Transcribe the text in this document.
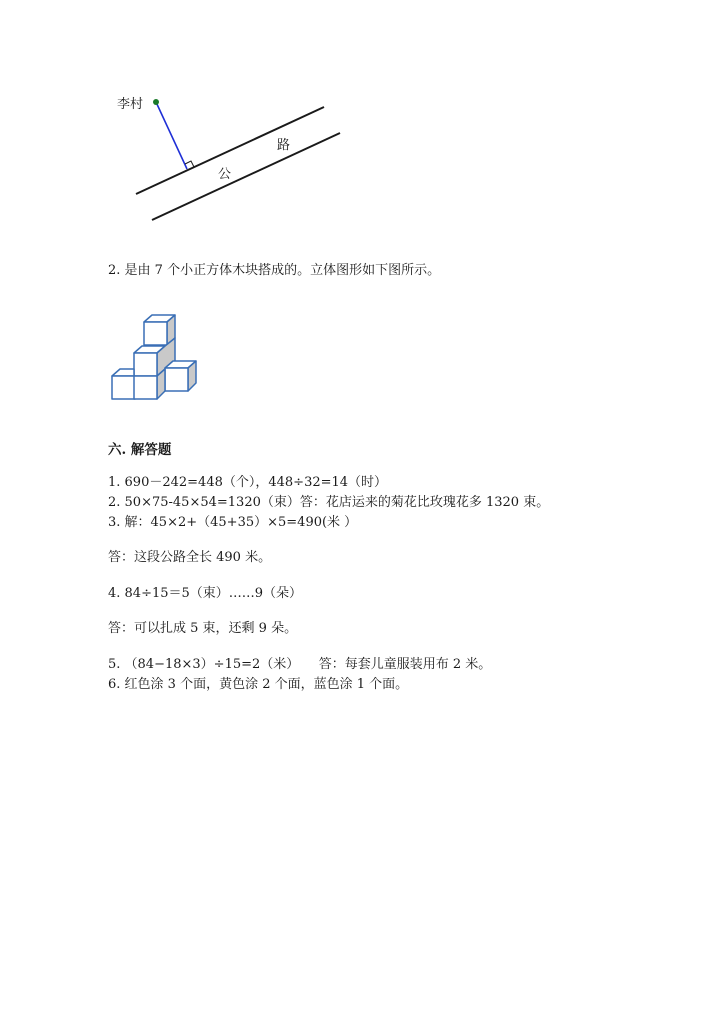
李村
公
路
2. 是由 7 个小正方体木块搭成的。立体图形如下图所示。
六. 解答题
1. 690－242=448（个），448÷32=14（时）
2. 50×75-45×54=1320（束）答：花店运来的菊花比玫瑰花多 1320 束。
3. 解：45×2+（45+35）×5=490(米 ）
答：这段公路全长 490 米。
4. 84÷15＝5（束）……9（朵）
答：可以扎成 5 束，还剩 9 朵。
5. （84−18×3）÷15=2（米）　　答：每套儿童服装用布 2 米。
6. 红色涂 3 个面，黄色涂 2 个面，蓝色涂 1 个面。
